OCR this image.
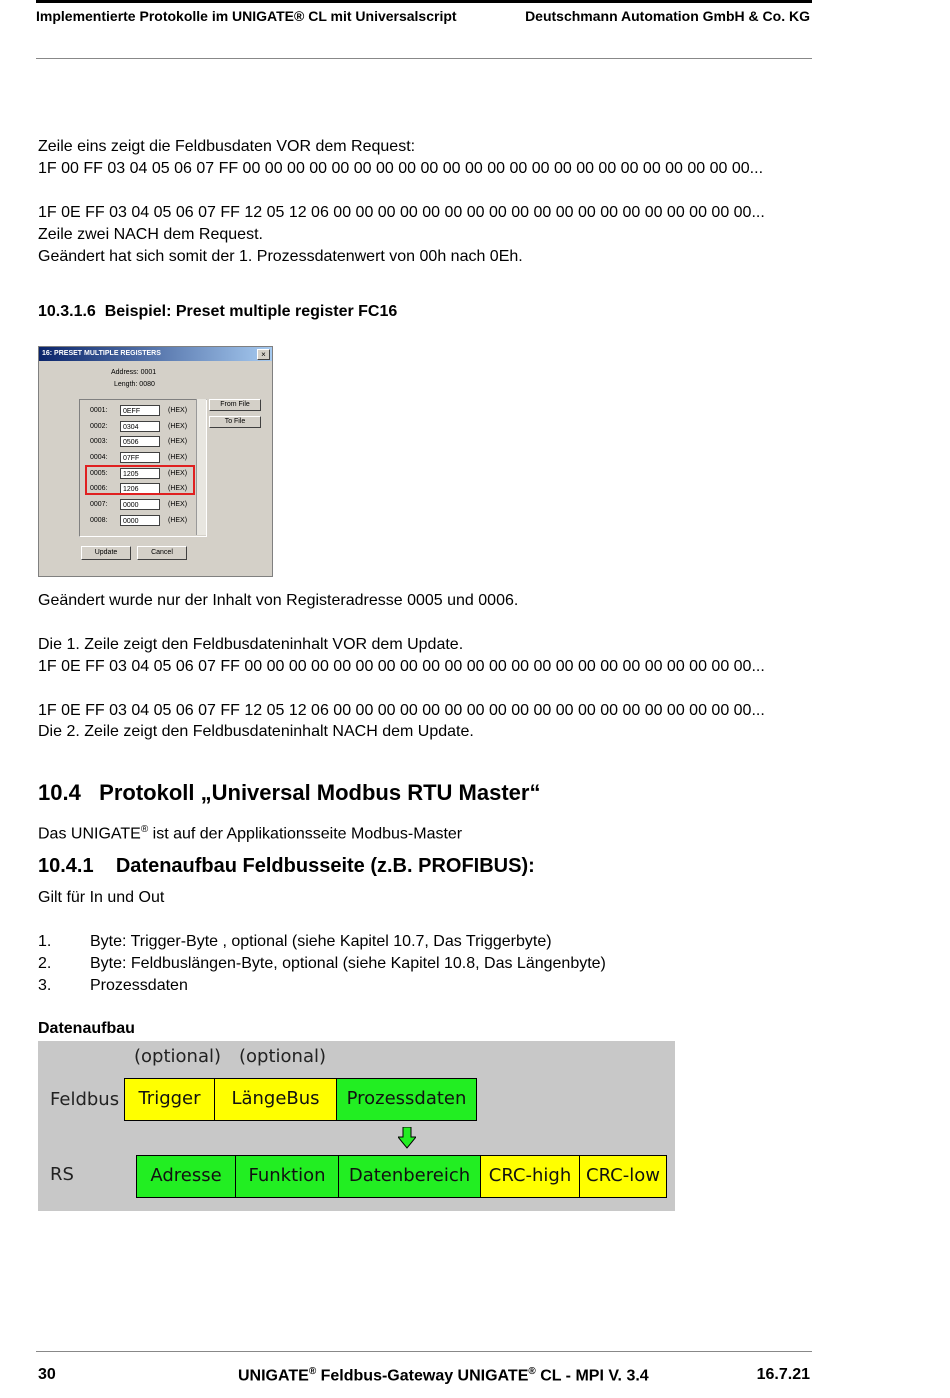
Implementierte Protokolle im UNIGATE® CL mit Universalscript	Deutschmann Automation GmbH & Co. KG
Zeile eins zeigt die Feldbusdaten VOR dem Request:
1F 00 FF 03 04 05 06 07 FF 00 00 00 00 00 00 00 00 00 00 00 00 00 00 00 00 00 00 00 00 00 00 00...
1F 0E FF 03 04 05 06 07 FF 12 05 12 06 00 00 00 00 00 00 00 00 00 00 00 00 00 00 00 00 00 00 00...
Zeile zwei NACH dem Request.
Geändert hat sich somit der 1. Prozessdatenwert von 00h nach 0Eh.
10.3.1.6 Beispiel: Preset multiple register FC16
16: PRESET MULTIPLE REGISTERS	×
Address: 0001
Length: 0080
0001:	0EFF	(HEX)
0002:	0304	(HEX)
0003:	0506	(HEX)
0004:	07FF	(HEX)
0005:	1205	(HEX)
0006:	1206	(HEX)
0007:	0000	(HEX)
0008:	0000	(HEX)
From File
To File
Update	Cancel
Geändert wurde nur der Inhalt von Registeradresse 0005 und 0006.
Die 1. Zeile zeigt den Feldbusdateninhalt VOR dem Update.
1F 0E FF 03 04 05 06 07 FF 00 00 00 00 00 00 00 00 00 00 00 00 00 00 00 00 00 00 00 00 00 00 00...
1F 0E FF 03 04 05 06 07 FF 12 05 12 06 00 00 00 00 00 00 00 00 00 00 00 00 00 00 00 00 00 00 00...
Die 2. Zeile zeigt den Feldbusdateninhalt NACH dem Update.
10.4 Protokoll „Universal Modbus RTU Master“
Das UNIGATE® ist auf der Applikationsseite Modbus-Master
10.4.1 Datenaufbau Feldbusseite (z.B. PROFIBUS):
Gilt für In und Out
1. Byte: Trigger-Byte , optional (siehe Kapitel 10.7, Das Triggerbyte)
2. Byte: Feldbuslängen-Byte, optional (siehe Kapitel 10.8, Das Längenbyte)
3. Prozessdaten
Datenaufbau
(optional) (optional)
Feldbus
RS
Trigger	LängeBus	Prozessdaten
Adresse	Funktion	Datenbereich	CRC-high CRC-low
30	UNIGATE® Feldbus-Gateway UNIGATE® CL - MPI V. 3.4	16.7.21
